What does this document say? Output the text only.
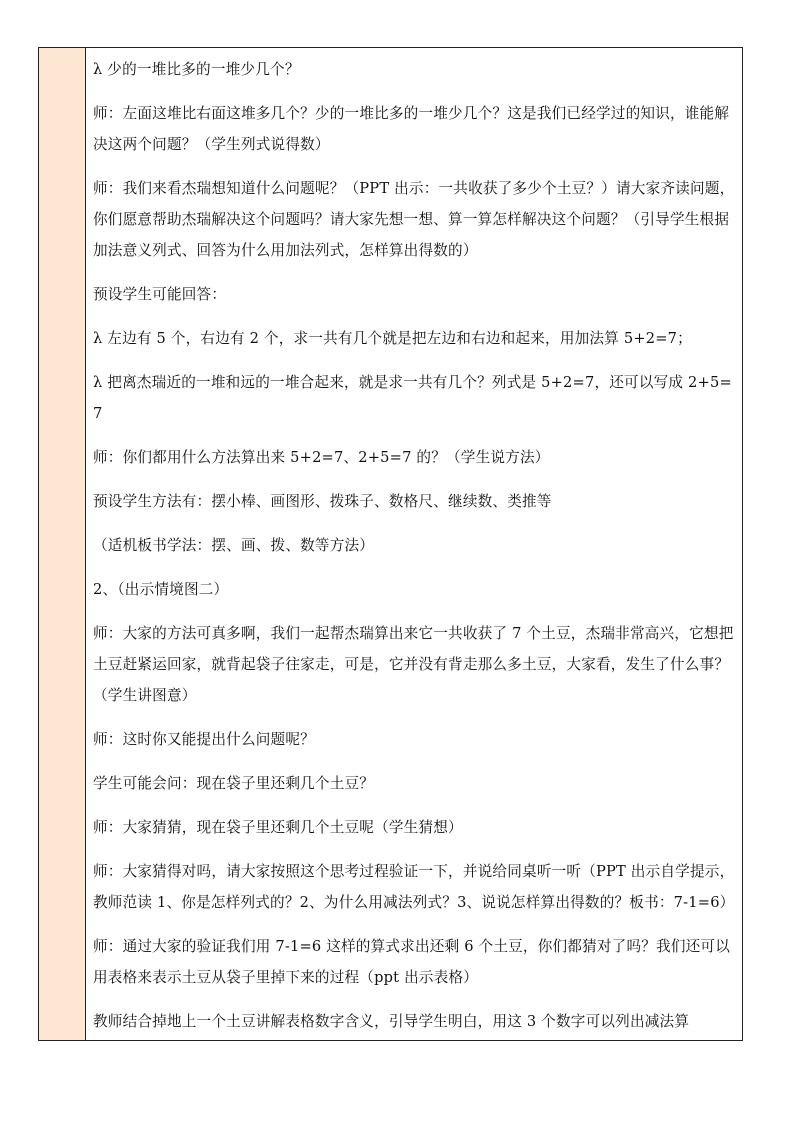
λ 少的一堆比多的一堆少几个？

师：左面这堆比右面这堆多几个？少的一堆比多的一堆少几个？这是我们已经学过的知识，谁能解决这两个问题？（学生列式说得数）

师：我们来看杰瑞想知道什么问题呢？（PPT 出示：一共收获了多少个土豆？）请大家齐读问题，你们愿意帮助杰瑞解决这个问题吗？请大家先想一想、算一算怎样解决这个问题？（引导学生根据加法意义列式、回答为什么用加法列式，怎样算出得数的）

预设学生可能回答：

λ 左边有 5 个，右边有 2 个，求一共有几个就是把左边和右边和起来，用加法算 5+2=7；

λ 把离杰瑞近的一堆和远的一堆合起来，就是求一共有几个？列式是 5+2=7，还可以写成 2+5=7

师：你们都用什么方法算出来 5+2=7、2+5=7 的？（学生说方法）

预设学生方法有：摆小棒、画图形、拨珠子、数格尺、继续数、类推等

（适机板书学法：摆、画、拨、数等方法）

2、（出示情境图二）

师：大家的方法可真多啊，我们一起帮杰瑞算出来它一共收获了 7 个土豆，杰瑞非常高兴，它想把土豆赶紧运回家，就背起袋子往家走，可是，它并没有背走那么多土豆，大家看，发生了什么事？（学生讲图意）

师：这时你又能提出什么问题呢？

学生可能会问：现在袋子里还剩几个土豆？

师：大家猜猜，现在袋子里还剩几个土豆呢（学生猜想）

师：大家猜得对吗，请大家按照这个思考过程验证一下，并说给同桌听一听（PPT 出示自学提示，教师范读 1、你是怎样列式的？2、为什么用减法列式？3、说说怎样算出得数的？板书：7-1=6）

师：通过大家的验证我们用 7-1=6 这样的算式求出还剩 6 个土豆，你们都猜对了吗？我们还可以用表格来表示土豆从袋子里掉下来的过程（ppt 出示表格）

教师结合掉地上一个土豆讲解表格数字含义，引导学生明白，用这 3 个数字可以列出减法算
